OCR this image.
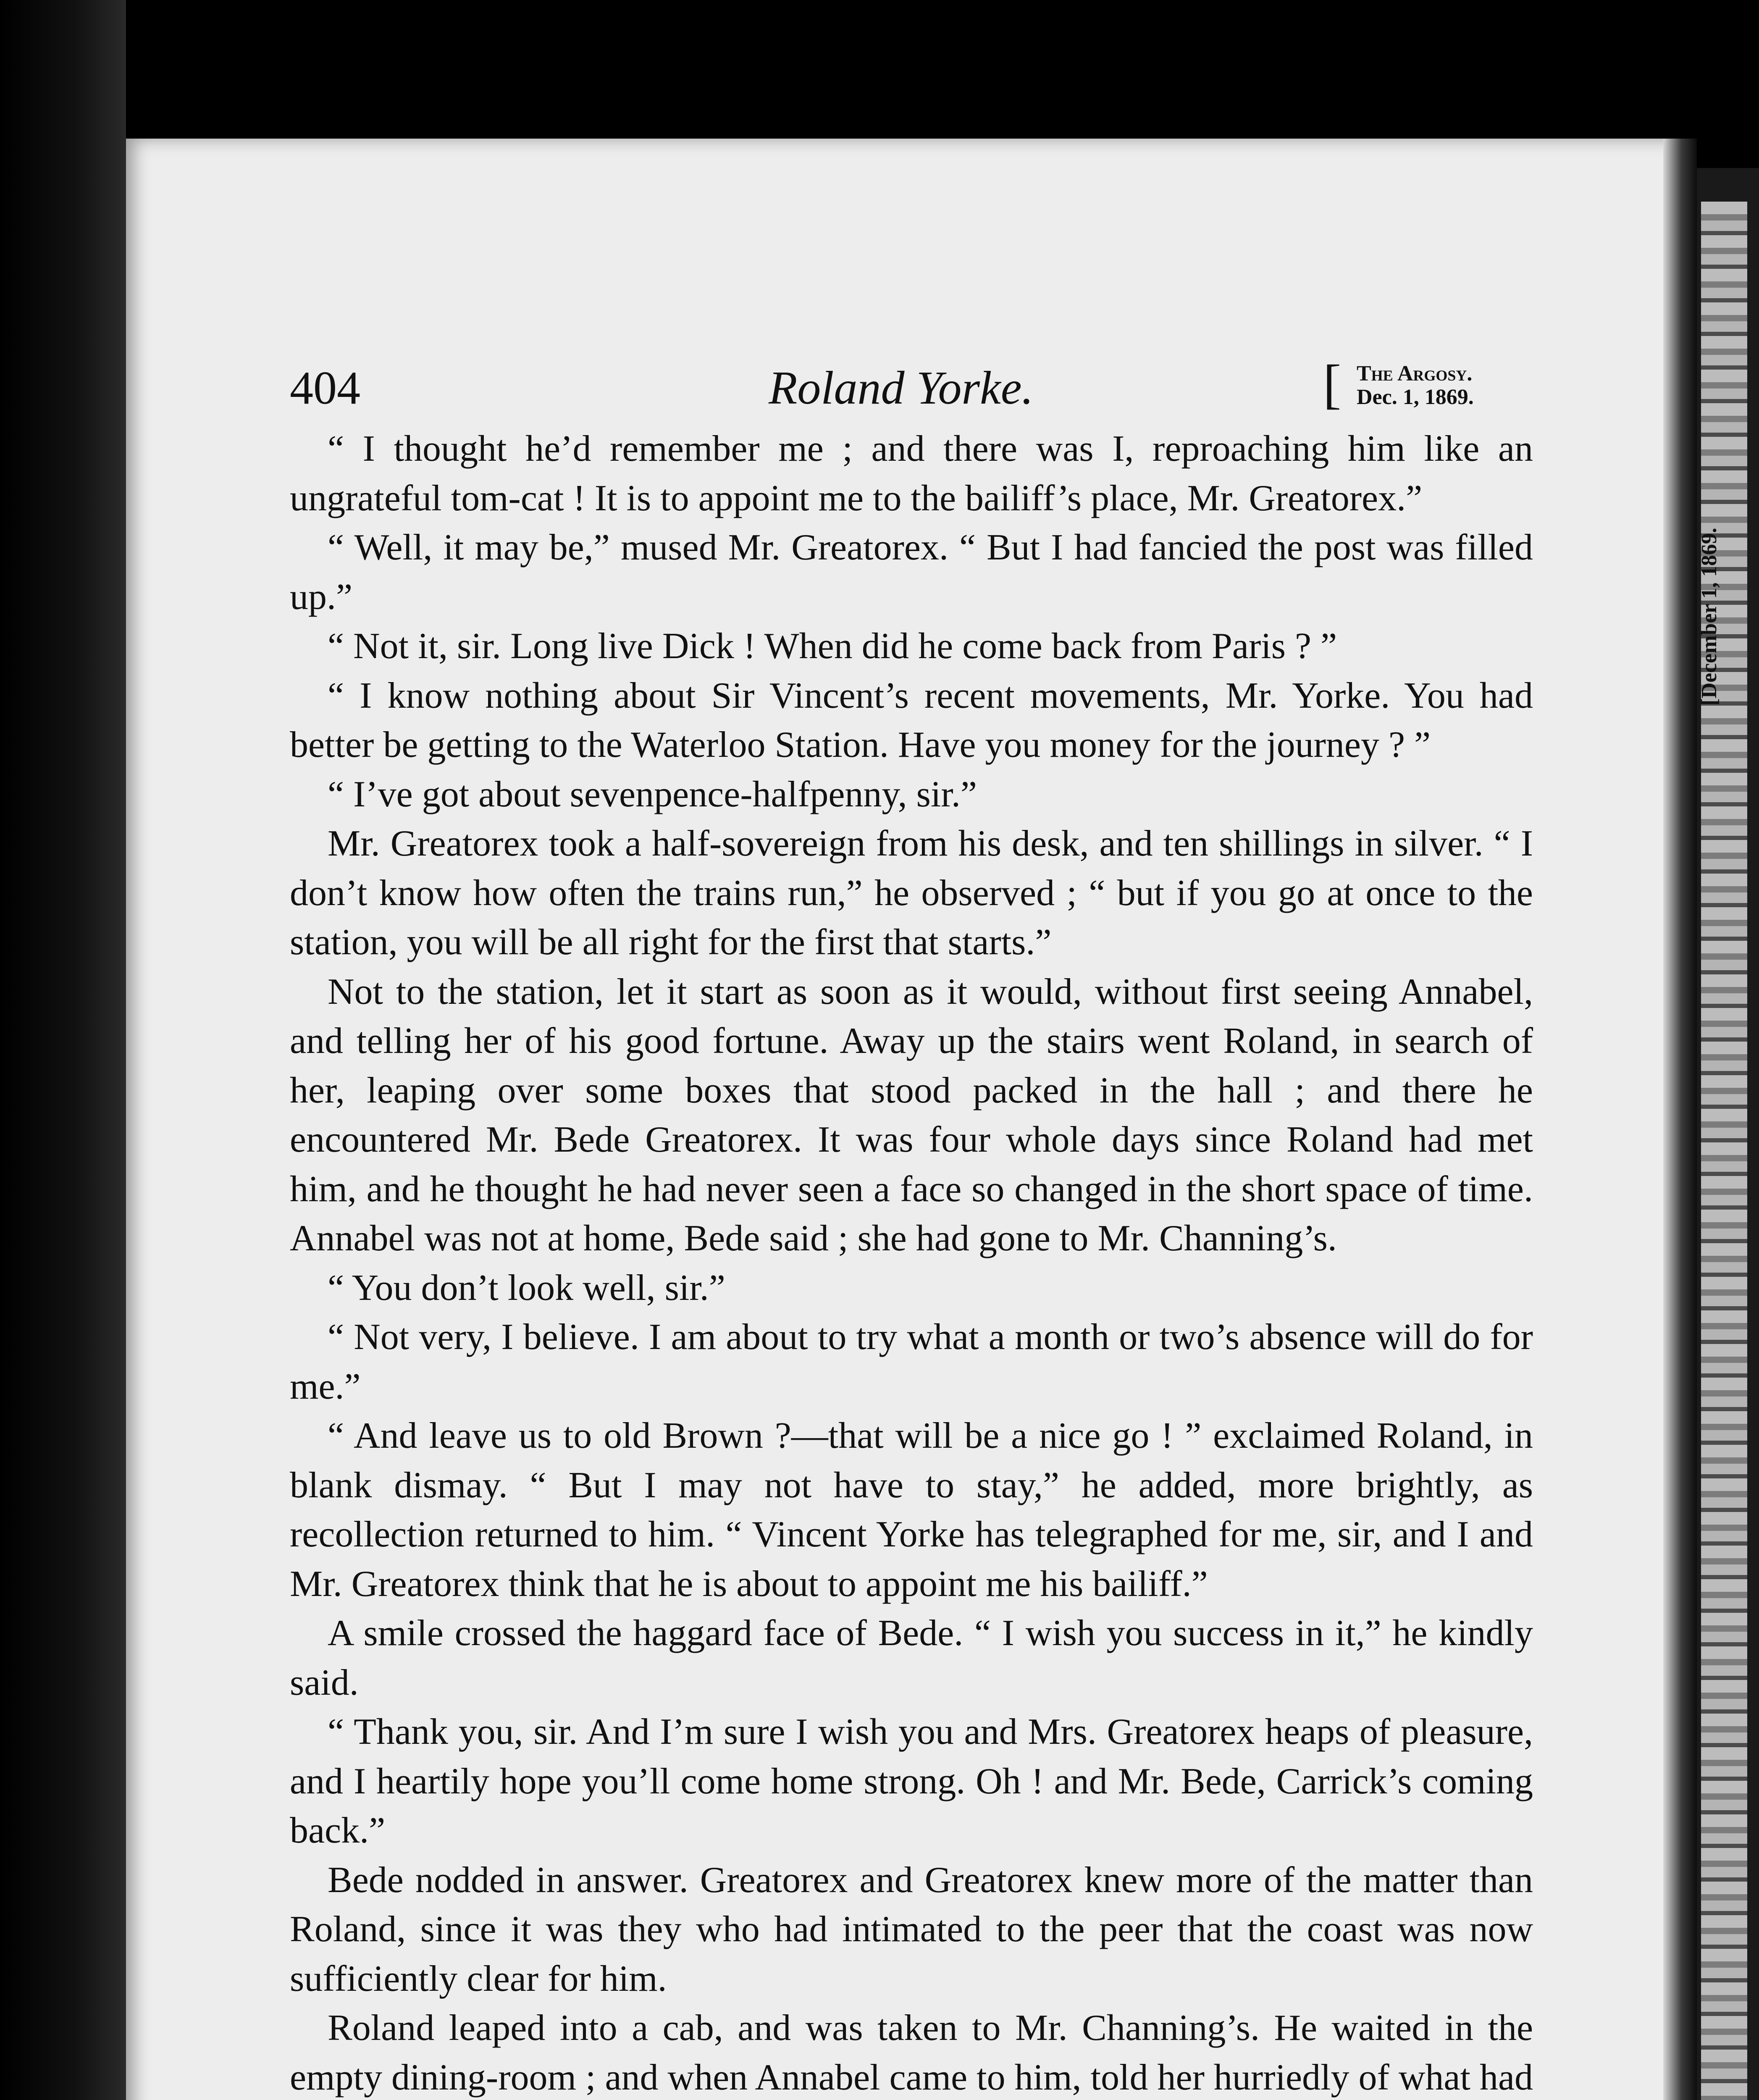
[December 1, 1869.
404	Roland Yorke.	[ The Argosy.
Dec. 1, 1869.

“ I thought he’d remember me ; and there was I, reproaching him like an ungrateful tom-cat ! It is to appoint me to the bailiff’s place, Mr. Greatorex.”

“ Well, it may be,” mused Mr. Greatorex. “ But I had fancied the post was filled up.”

“ Not it, sir. Long live Dick ! When did he come back from Paris ? ”

“ I know nothing about Sir Vincent’s recent movements, Mr. Yorke. You had better be getting to the Waterloo Station. Have you money for the journey ? ”

“ I’ve got about sevenpence-halfpenny, sir.”

Mr. Greatorex took a half-sovereign from his desk, and ten shillings in silver. “ I don’t know how often the trains run,” he observed ; “ but if you go at once to the station, you will be all right for the first that starts.”

Not to the station, let it start as soon as it would, without first seeing Annabel, and telling her of his good fortune. Away up the stairs went Roland, in search of her, leaping over some boxes that stood packed in the hall ; and there he encountered Mr. Bede Greatorex. It was four whole days since Roland had met him, and he thought he had never seen a face so changed in the short space of time. Annabel was not at home, Bede said ; she had gone to Mr. Channing’s.

“ You don’t look well, sir.”

“ Not very, I believe. I am about to try what a month or two’s absence will do for me.”

“ And leave us to old Brown ?—that will be a nice go ! ” exclaimed Roland, in blank dismay. “ But I may not have to stay,” he added, more brightly, as recollection returned to him. “ Vincent Yorke has telegraphed for me, sir, and I and Mr. Greatorex think that he is about to appoint me his bailiff.”

A smile crossed the haggard face of Bede. “ I wish you success in it,” he kindly said.

“ Thank you, sir. And I’m sure I wish you and Mrs. Greatorex heaps of pleasure, and I heartily hope you’ll come home strong. Oh ! and Mr. Bede, Carrick’s coming back.”

Bede nodded in answer. Greatorex and Greatorex knew more of the matter than Roland, since it was they who had intimated to the peer that the coast was now sufficiently clear for him.

Roland leaped into a cab, and was taken to Mr. Channing’s. He waited in the empty dining-room ; and when Annabel came to him, told her hurriedly of what had
